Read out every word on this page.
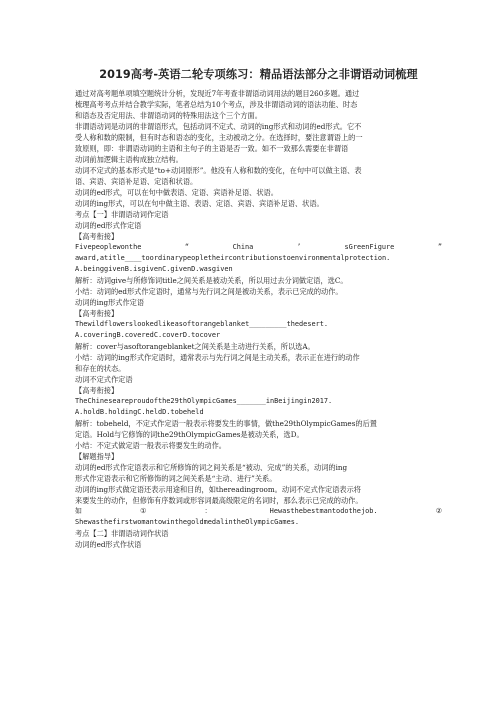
2019高考-英语二轮专项练习：精品语法部分之非谓语动词梳理
通过对高考题单项填空题统计分析，发现近7年考查非谓语动词用法的题目260多题。通过
梳理高考考点并结合教学实际，笔者总结为10个考点，涉及非谓语动词的语法功能、时态
和语态及否定用法、非谓语动词的特殊用法这个三个方面。
非谓语动词是动词的非谓语形式，包括动词不定式、动词的ing形式和动词的ed形式。它不
受人称和数的限制，但有时态和语态的变化，主动被动之分。在选择时，要注意谓语上的一
致原则，即：非谓语动词的主语和主句子的主语是否一致。如不一致那么需要在非谓语
动词前加逻辑主语构成独立结构。
动词不定式的基本形式是“to+动词原形”。他没有人称和数的变化，在句中可以做主语、表
语、宾语、宾语补足语、定语和状语。
动词的ed形式，可以在句中做表语、定语、宾语补足语、状语。
动词的ing形式，可以在句中做主语、表语、定语、宾语、宾语补足语、状语。
考点【一】非谓语动词作定语
动词的ed形式作定语
【高考衔接】
Fivepeoplewonthe	“	China	’	sGreenFigure	”
award,atitle____toordinarypeopletheircontributionstoenvironmentalprotection.
A.beinggivenB.isgivenC.givenD.wasgiven
解析：动词give与所修饰词title之间关系是被动关系，所以用过去分词做定语，选C。
小结：动词的ed形式作定语时，通常与先行词之间是被动关系，表示已完成的动作。
动词的ing形式作定语
【高考衔接】
Thewildflowerslookedlikeasoftorangeblanket_________thedesert.
A.coveringB.coveredC.coverD.tocover
解析：cover与asoftorangeblanket之间关系是主动进行关系，所以选A。
小结：动词的ing形式作定语时，通常表示与先行词之间是主动关系，表示正在进行的动作
和存在的状态。
动词不定式作定语
【高考衔接】
TheChinesearepr​oudofthe29thOlympicGames_______inBeijingin2017.
A.holdB.holdingC.heldD.tobeheld
解析：tobeheld，不定式作定语一般表示将要发生的事情，做the29thOlympicGames的后置
定语。Hold与它修饰的词the29thOlympicGames是被动关系，选D。
小结：不定式做定语一般表示将要发生的动作。
【解题指导】
动词的ed形式作定语表示和它所修饰的词之间关系是“被动、完成”的关系，动词的ing
形式作定语表示和它所修饰的词之间关系是“主动、进行”关系。
动词的ing形式做定语还表示用途和目的，如thereadingroom。动词不定式作定语表示将
来要发生的动作，但修饰有序数词或形容词最高级限定的名词时，那么表示已完成的动作。
如	①	：	Hewastheb​estmantodothejob.	②
Shewasthefirstwomantowinthegoldmedalinthe​OlympicGames.
考点【二】非谓语动词作状语
动词的ed形式作状语
